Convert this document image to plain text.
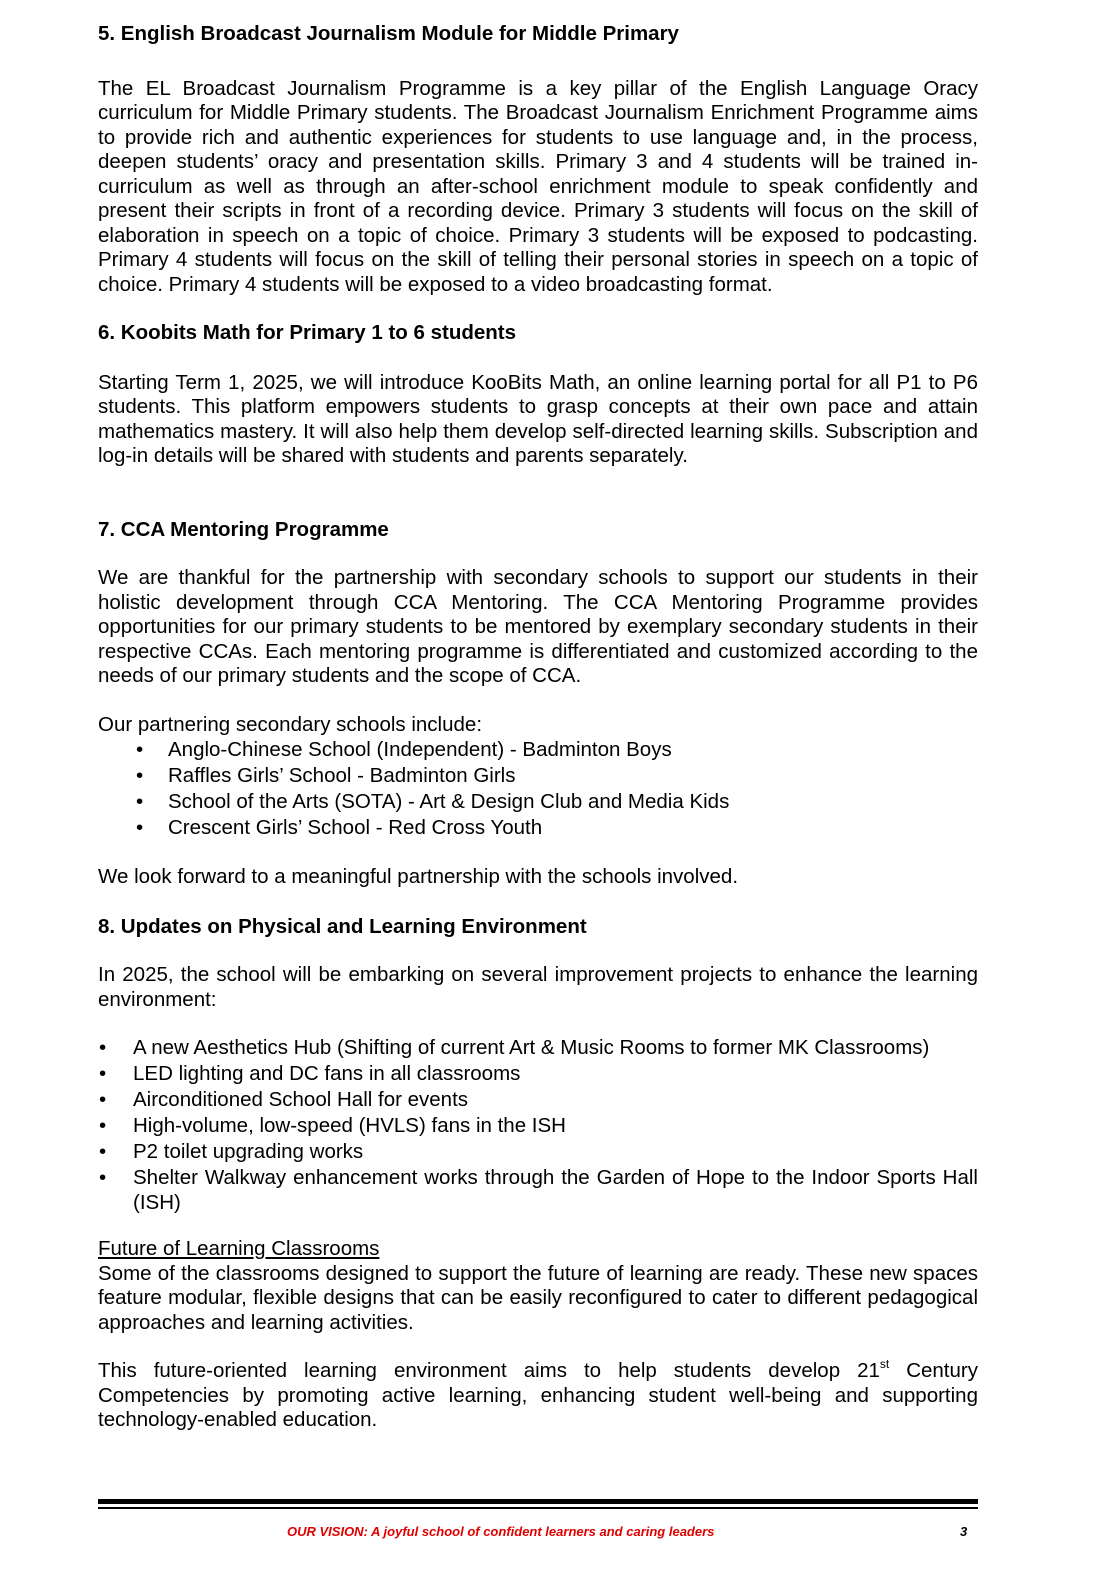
5. English Broadcast Journalism Module for Middle Primary

The EL Broadcast Journalism Programme is a key pillar of the English Language Oracy curriculum for Middle Primary students. The Broadcast Journalism Enrichment Programme aims to provide rich and authentic experiences for students to use language and, in the process, deepen students’ oracy and presentation skills. Primary 3 and 4 students will be trained in-curriculum as well as through an after-school enrichment module to speak confidently and present their scripts in front of a recording device. Primary 3 students will focus on the skill of elaboration in speech on a topic of choice. Primary 3 students will be exposed to podcasting. Primary 4 students will focus on the skill of telling their personal stories in speech on a topic of choice. Primary 4 students will be exposed to a video broadcasting format.

6. Koobits Math for Primary 1 to 6 students

Starting Term 1, 2025, we will introduce KooBits Math, an online learning portal for all P1 to P6 students. This platform empowers students to grasp concepts at their own pace and attain mathematics mastery. It will also help them develop self-directed learning skills. Subscription and log-in details will be shared with students and parents separately.

7. CCA Mentoring Programme

We are thankful for the partnership with secondary schools to support our students in their holistic development through CCA Mentoring. The CCA Mentoring Programme provides opportunities for our primary students to be mentored by exemplary secondary students in their respective CCAs. Each mentoring programme is differentiated and customized according to the needs of our primary students and the scope of CCA.

Our partnering secondary schools include:

• Anglo-Chinese School (Independent) - Badminton Boys
• Raffles Girls’ School - Badminton Girls
• School of the Arts (SOTA) - Art & Design Club and Media Kids
• Crescent Girls’ School - Red Cross Youth

We look forward to a meaningful partnership with the schools involved.

8. Updates on Physical and Learning Environment

In 2025, the school will be embarking on several improvement projects to enhance the learning environment:

• A new Aesthetics Hub (Shifting of current Art & Music Rooms to former MK Classrooms)
• LED lighting and DC fans in all classrooms
• Airconditioned School Hall for events
• High-volume, low-speed (HVLS) fans in the ISH
• P2 toilet upgrading works
• Shelter Walkway enhancement works through the Garden of Hope to the Indoor Sports Hall (ISH)

Future of Learning Classrooms

Some of the classrooms designed to support the future of learning are ready. These new spaces feature modular, flexible designs that can be easily reconfigured to cater to different pedagogical approaches and learning activities.

This future-oriented learning environment aims to help students develop 21st Century Competencies by promoting active learning, enhancing student well-being and supporting technology-enabled education.

OUR VISION: A joyful school of confident learners and caring leaders	3
